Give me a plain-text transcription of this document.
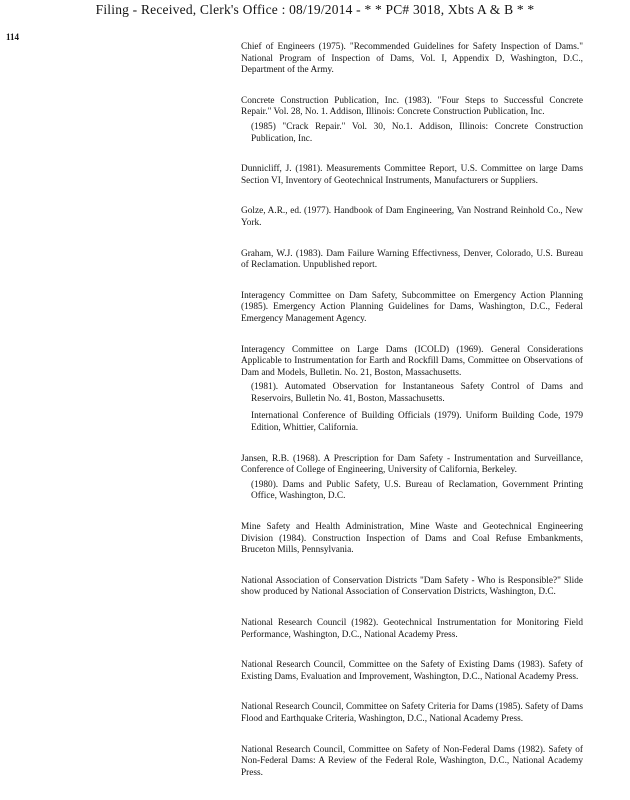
Filing - Received, Clerk's Office : 08/19/2014 - * * PC# 3018, Xbts A & B * *
114

Chief of Engineers (1975). "Recommended Guidelines for Safety Inspection of Dams." National Program of Inspection of Dams, Vol. I, Appendix D, Washington, D.C., Department of the Army.

Concrete Construction Publication, Inc. (1983). "Four Steps to Successful Concrete Repair." Vol. 28, No. 1. Addison, Illinois: Concrete Construction Publication, Inc.

(1985) "Crack Repair." Vol. 30, No.1. Addison, Illinois: Concrete Construction Publication, Inc.

Dunnicliff, J. (1981). Measurements Committee Report, U.S. Committee on large Dams Section VI, Inventory of Geotechnical Instruments, Manufacturers or Suppliers.

Golze, A.R., ed. (1977). Handbook of Dam Engineering, Van Nostrand Reinhold Co., New York.

Graham, W.J. (1983). Dam Failure Warning Effectivness, Denver, Colorado, U.S. Bureau of Reclamation. Unpublished report.

Interagency Committee on Dam Safety, Subcommittee on Emergency Action Planning (1985). Emergency Action Planning Guidelines for Dams, Washington, D.C., Federal Emergency Management Agency.

Interagency Committee on Large Dams (ICOLD) (1969). General Considerations Applicable to Instrumentation for Earth and Rockfill Dams, Committee on Observations of Dam and Models, Bulletin. No. 21, Boston, Massachusetts.

(1981). Automated Observation for Instantaneous Safety Control of Dams and Reservoirs, Bulletin No. 41, Boston, Massachusetts.

International Conference of Building Officials (1979). Uniform Building Code, 1979 Edition, Whittier, California.

Jansen, R.B. (1968). A Prescription for Dam Safety - Instrumentation and Surveillance, Conference of College of Engineering, University of California, Berkeley.

(1980). Dams and Public Safety, U.S. Bureau of Reclamation, Government Printing Office, Washington, D.C.

Mine Safety and Health Administration, Mine Waste and Geotechnical Engineering Division (1984). Construction Inspection of Dams and Coal Refuse Embankments, Bruceton Mills, Pennsylvania.

National Association of Conservation Districts "Dam Safety - Who is Responsible?" Slide show produced by National Association of Conservation Districts, Washington, D.C.

National Research Council (1982). Geotechnical Instrumentation for Monitoring Field Performance, Washington, D.C., National Academy Press.

National Research Council, Committee on the Safety of Existing Dams (1983). Safety of Existing Dams, Evaluation and Improvement, Washington, D.C., National Academy Press.

National Research Council, Committee on Safety Criteria for Dams (1985). Safety of Dams Flood and Earthquake Criteria, Washington, D.C., National Academy Press.

National Research Council, Committee on Safety of Non-Federal Dams (1982). Safety of Non-Federal Dams: A Review of the Federal Role, Washington, D.C., National Academy Press.
